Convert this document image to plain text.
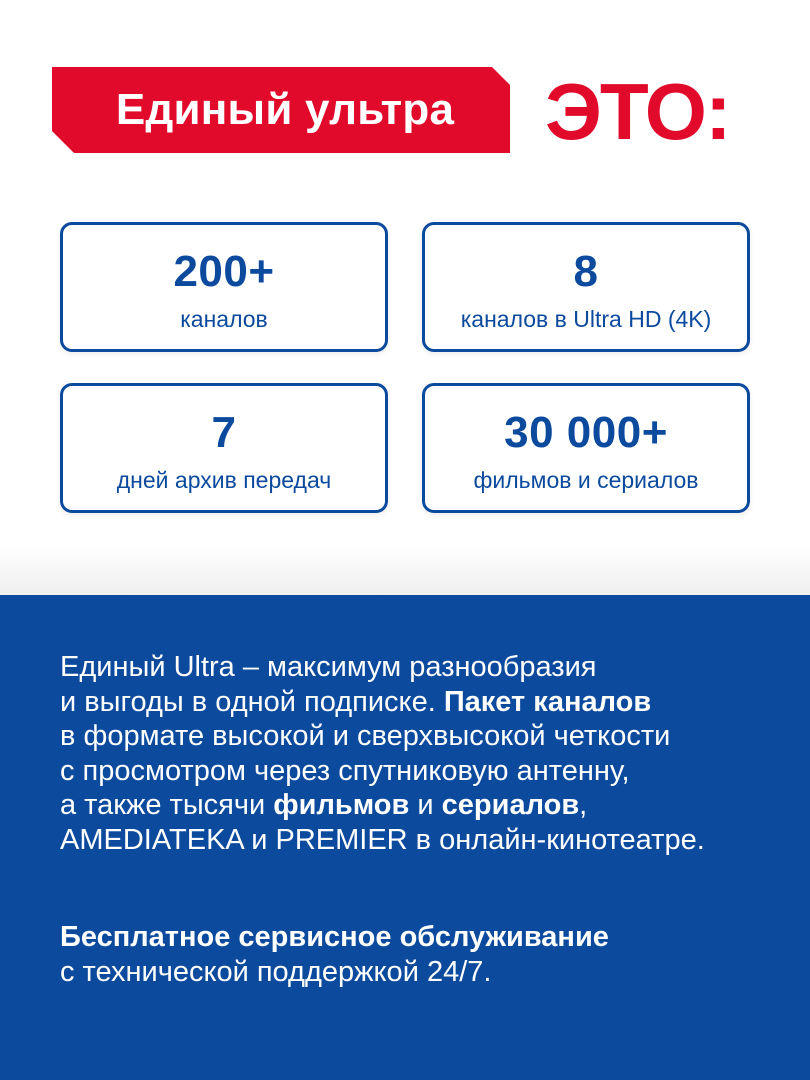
Единый ультра	ЭТО:
200+
каналов
8
каналов в Ultra HD (4K)
7
дней архив передач
30 000+
фильмов и сериалов

Единый Ultra – максимум разнообразия
и выгоды в одной подписке. Пакет каналов
в формате высокой и сверхвысокой четкости
с просмотром через спутниковую антенну,
а также тысячи фильмов и сериалов,
AMEDIATEKA и PREMIER в онлайн-кинотеатре.

Бесплатное сервисное обслуживание
с технической поддержкой 24/7.
